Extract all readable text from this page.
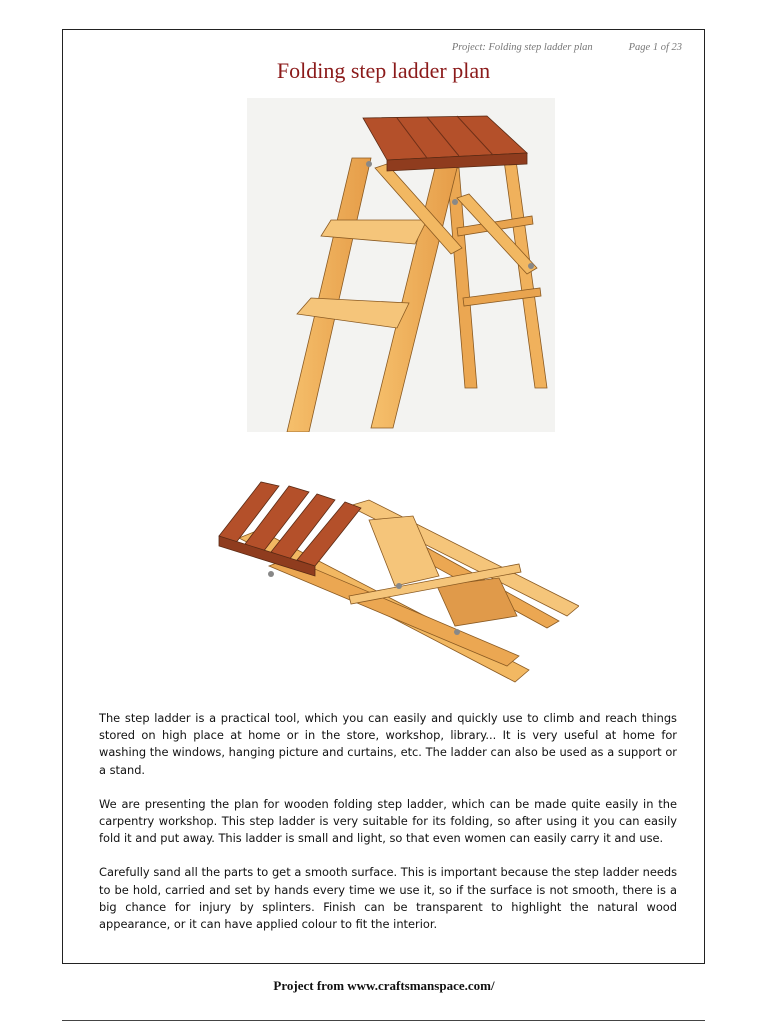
Project: Folding step ladder plan	Page 1 of 23
Folding step ladder plan

The step ladder is a practical tool, which you can easily and quickly use to climb and reach things stored on high place at home or in the store, workshop, library... It is very useful at home for washing the windows, hanging picture and curtains, etc. The ladder can also be used as a support or a stand.

We are presenting the plan for wooden folding step ladder, which can be made quite easily in the carpentry workshop. This step ladder is very suitable for its folding, so after using it you can easily fold it and put away. This ladder is small and light, so that even women can easily carry it and use.

Carefully sand all the parts to get a smooth surface. This is important because the step ladder needs to be hold, carried and set by hands every time we use it, so if the surface is not smooth, there is a big chance for injury by splinters. Finish can be transparent to highlight the natural wood appearance, or it can have applied colour to fit the interior.

Project from www.craftsmanspace.com/
